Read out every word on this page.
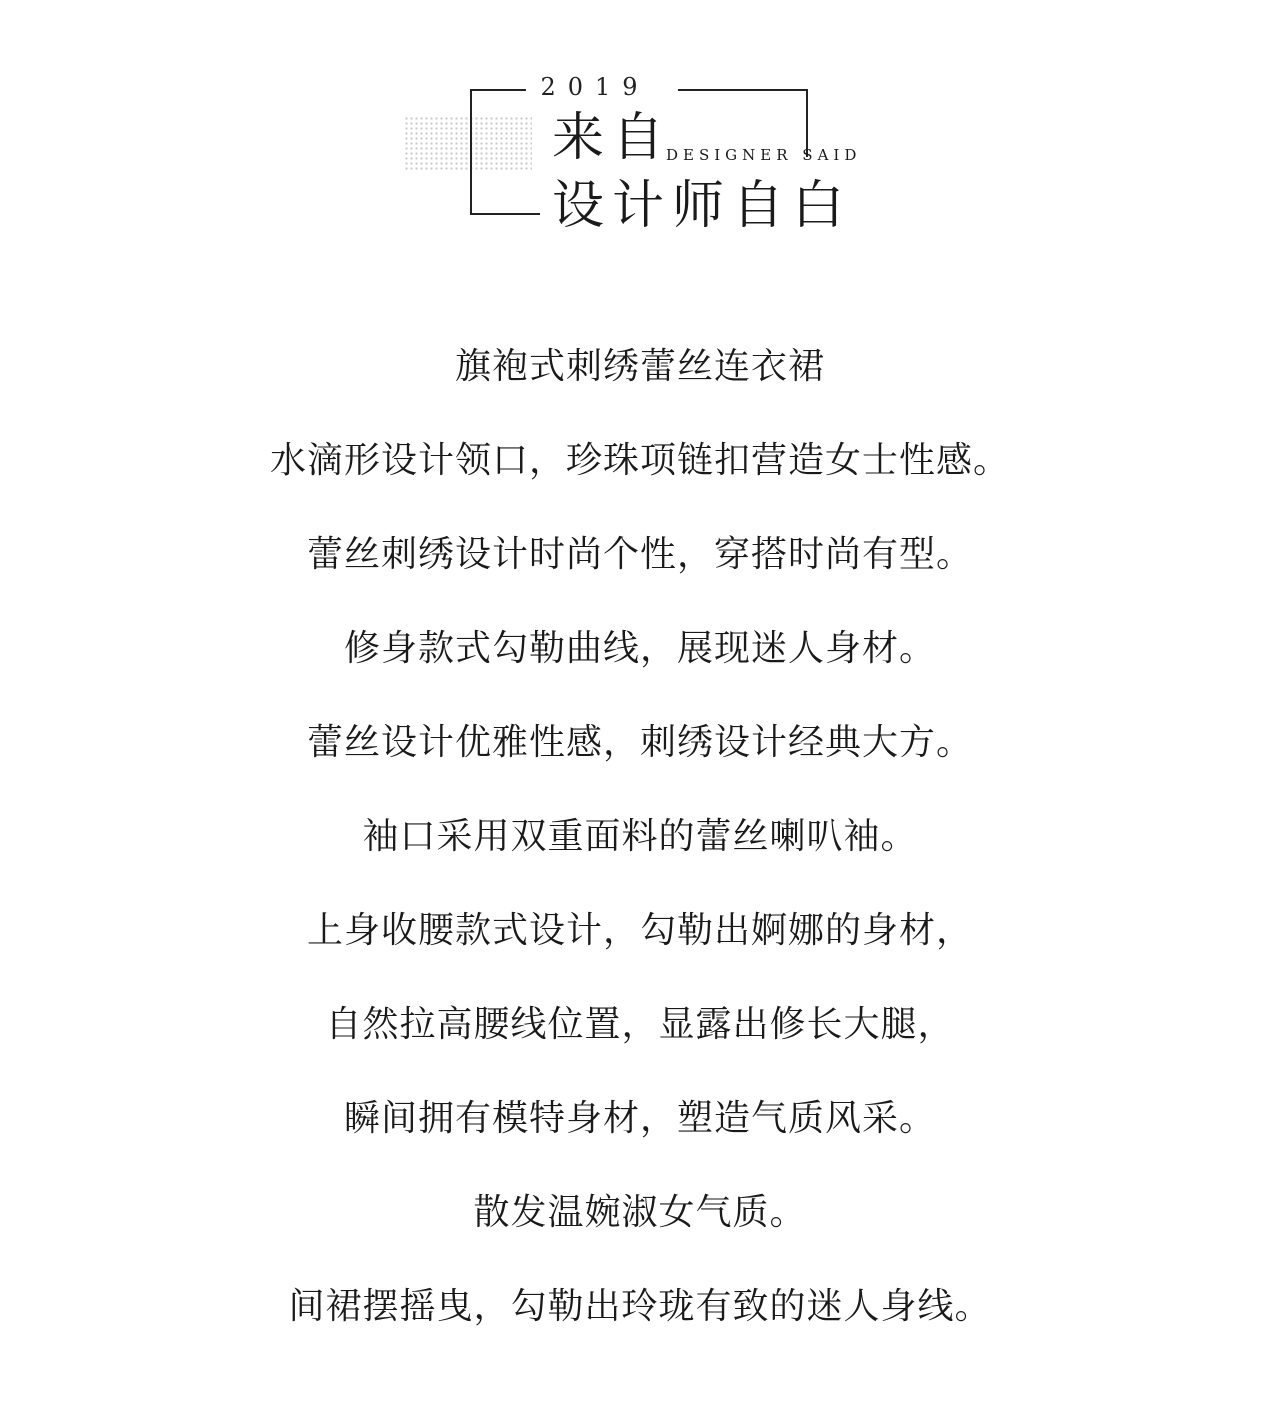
2019
来自
DESIGNER SAID
设计师自白
旗袍式刺绣蕾丝连衣裙
水滴形设计领口，珍珠项链扣营造女士性感。
蕾丝刺绣设计时尚个性，穿搭时尚有型。
修身款式勾勒曲线，展现迷人身材。
蕾丝设计优雅性感，刺绣设计经典大方。
袖口采用双重面料的蕾丝喇叭袖。
上身收腰款式设计，勾勒出婀娜的身材，
自然拉高腰线位置，显露出修长大腿，
瞬间拥有模特身材，塑造气质风采。
散发温婉淑女气质。
间裙摆摇曳，勾勒出玲珑有致的迷人身线。
